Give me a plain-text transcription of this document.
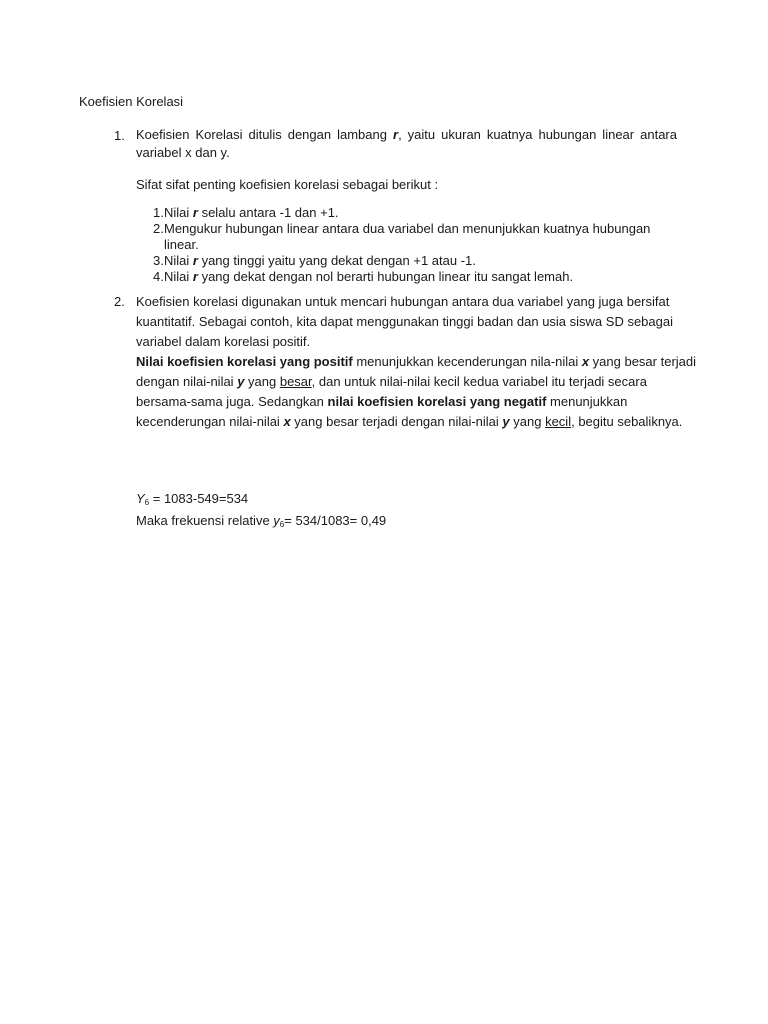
Koefisien Korelasi
1. Koefisien Korelasi ditulis dengan lambang r, yaitu ukuran kuatnya hubungan linear antara
variabel x dan y.
Sifat sifat penting koefisien korelasi sebagai berikut :
1. Nilai r selalu antara -1 dan +1.
2. Mengukur hubungan linear antara dua variabel dan menunjukkan kuatnya hubungan
linear.
3. Nilai r yang tinggi yaitu yang dekat dengan +1 atau -1.
4. Nilai r yang dekat dengan nol berarti hubungan linear itu sangat lemah.
2. Koefisien korelasi digunakan untuk mencari hubungan antara dua variabel yang juga bersifat
kuantitatif. Sebagai contoh, kita dapat menggunakan tinggi badan dan usia siswa SD sebagai
variabel dalam korelasi positif.
Nilai koefisien korelasi yang positif menunjukkan kecenderungan nila-nilai x yang besar terjadi
dengan nilai-nilai y yang besar, dan untuk nilai-nilai kecil kedua variabel itu terjadi secara
bersama-sama juga. Sedangkan nilai koefisien korelasi yang negatif menunjukkan
kecenderungan nilai-nilai x yang besar terjadi dengan nilai-nilai y yang kecil, begitu sebaliknya.
$Y_6 = 1083-549=534$
Maka frekuensi relative $y_6= 534/1083= 0,49$
